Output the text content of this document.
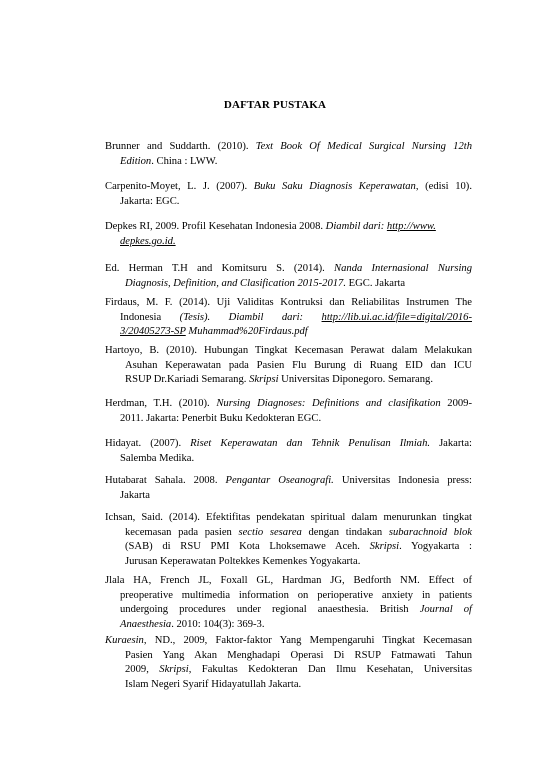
DAFTAR PUSTAKA
Brunner and Suddarth. (2010). Text Book Of Medical Surgical Nursing 12th
Edition. China : LWW.
Carpenito-Moyet, L. J. (2007). Buku Saku Diagnosis Keperawatan, (edisi 10).
Jakarta: EGC.
Depkes RI, 2009. Profil Kesehatan Indonesia 2008. Diambil dari: http://www.
depkes.go.id.
Ed. Herman T.H and Komitsuru S. (2014). Nanda Internasional Nursing
Diagnosis, Definition, and Clasification 2015-2017. EGC. Jakarta
Firdaus, M. F. (2014). Uji Validitas Kontruksi dan Reliabilitas Instrumen The
Indonesia (Tesis). Diambil dari: http://lib.ui.ac.id/file=digital/2016-
3/20405273-SP Muhammad%20Firdaus.pdf
Hartoyo, B. (2010). Hubungan Tingkat Kecemasan Perawat dalam Melakukan
Asuhan Keperawatan pada Pasien Flu Burung di Ruang EID dan ICU
RSUP Dr.Kariadi Semarang. Skripsi Universitas Diponegoro. Semarang.
Herdman, T.H. (2010). Nursing Diagnoses: Definitions and clasifikation 2009-
2011. Jakarta: Penerbit Buku Kedokteran EGC.
Hidayat. (2007). Riset Keperawatan dan Tehnik Penulisan Ilmiah. Jakarta:
Salemba Medika.
Hutabarat Sahala. 2008. Pengantar Oseanografi. Universitas Indonesia press:
Jakarta
Ichsan, Said. (2014). Efektifitas pendekatan spiritual dalam menurunkan tingkat
kecemasan pada pasien sectio sesarea dengan tindakan subarachnoid blok
(SAB) di RSU PMI Kota Lhoksemawe Aceh. Skripsi. Yogyakarta :
Jurusan Keperawatan Poltekkes Kemenkes Yogyakarta.
Jlala HA, French JL, Foxall GL, Hardman JG, Bedforth NM. Effect of
preoperative multimedia information on perioperative anxiety in patients
undergoing procedures under regional anaesthesia. British Journal of
Anaesthesia. 2010: 104(3): 369-3.
Kuraesin, ND., 2009, Faktor-faktor Yang Mempengaruhi Tingkat Kecemasan
Pasien Yang Akan Menghadapi Operasi Di RSUP Fatmawati Tahun
2009, Skripsi, Fakultas Kedokteran Dan Ilmu Kesehatan, Universitas
Islam Negeri Syarif Hidayatullah Jakarta.
